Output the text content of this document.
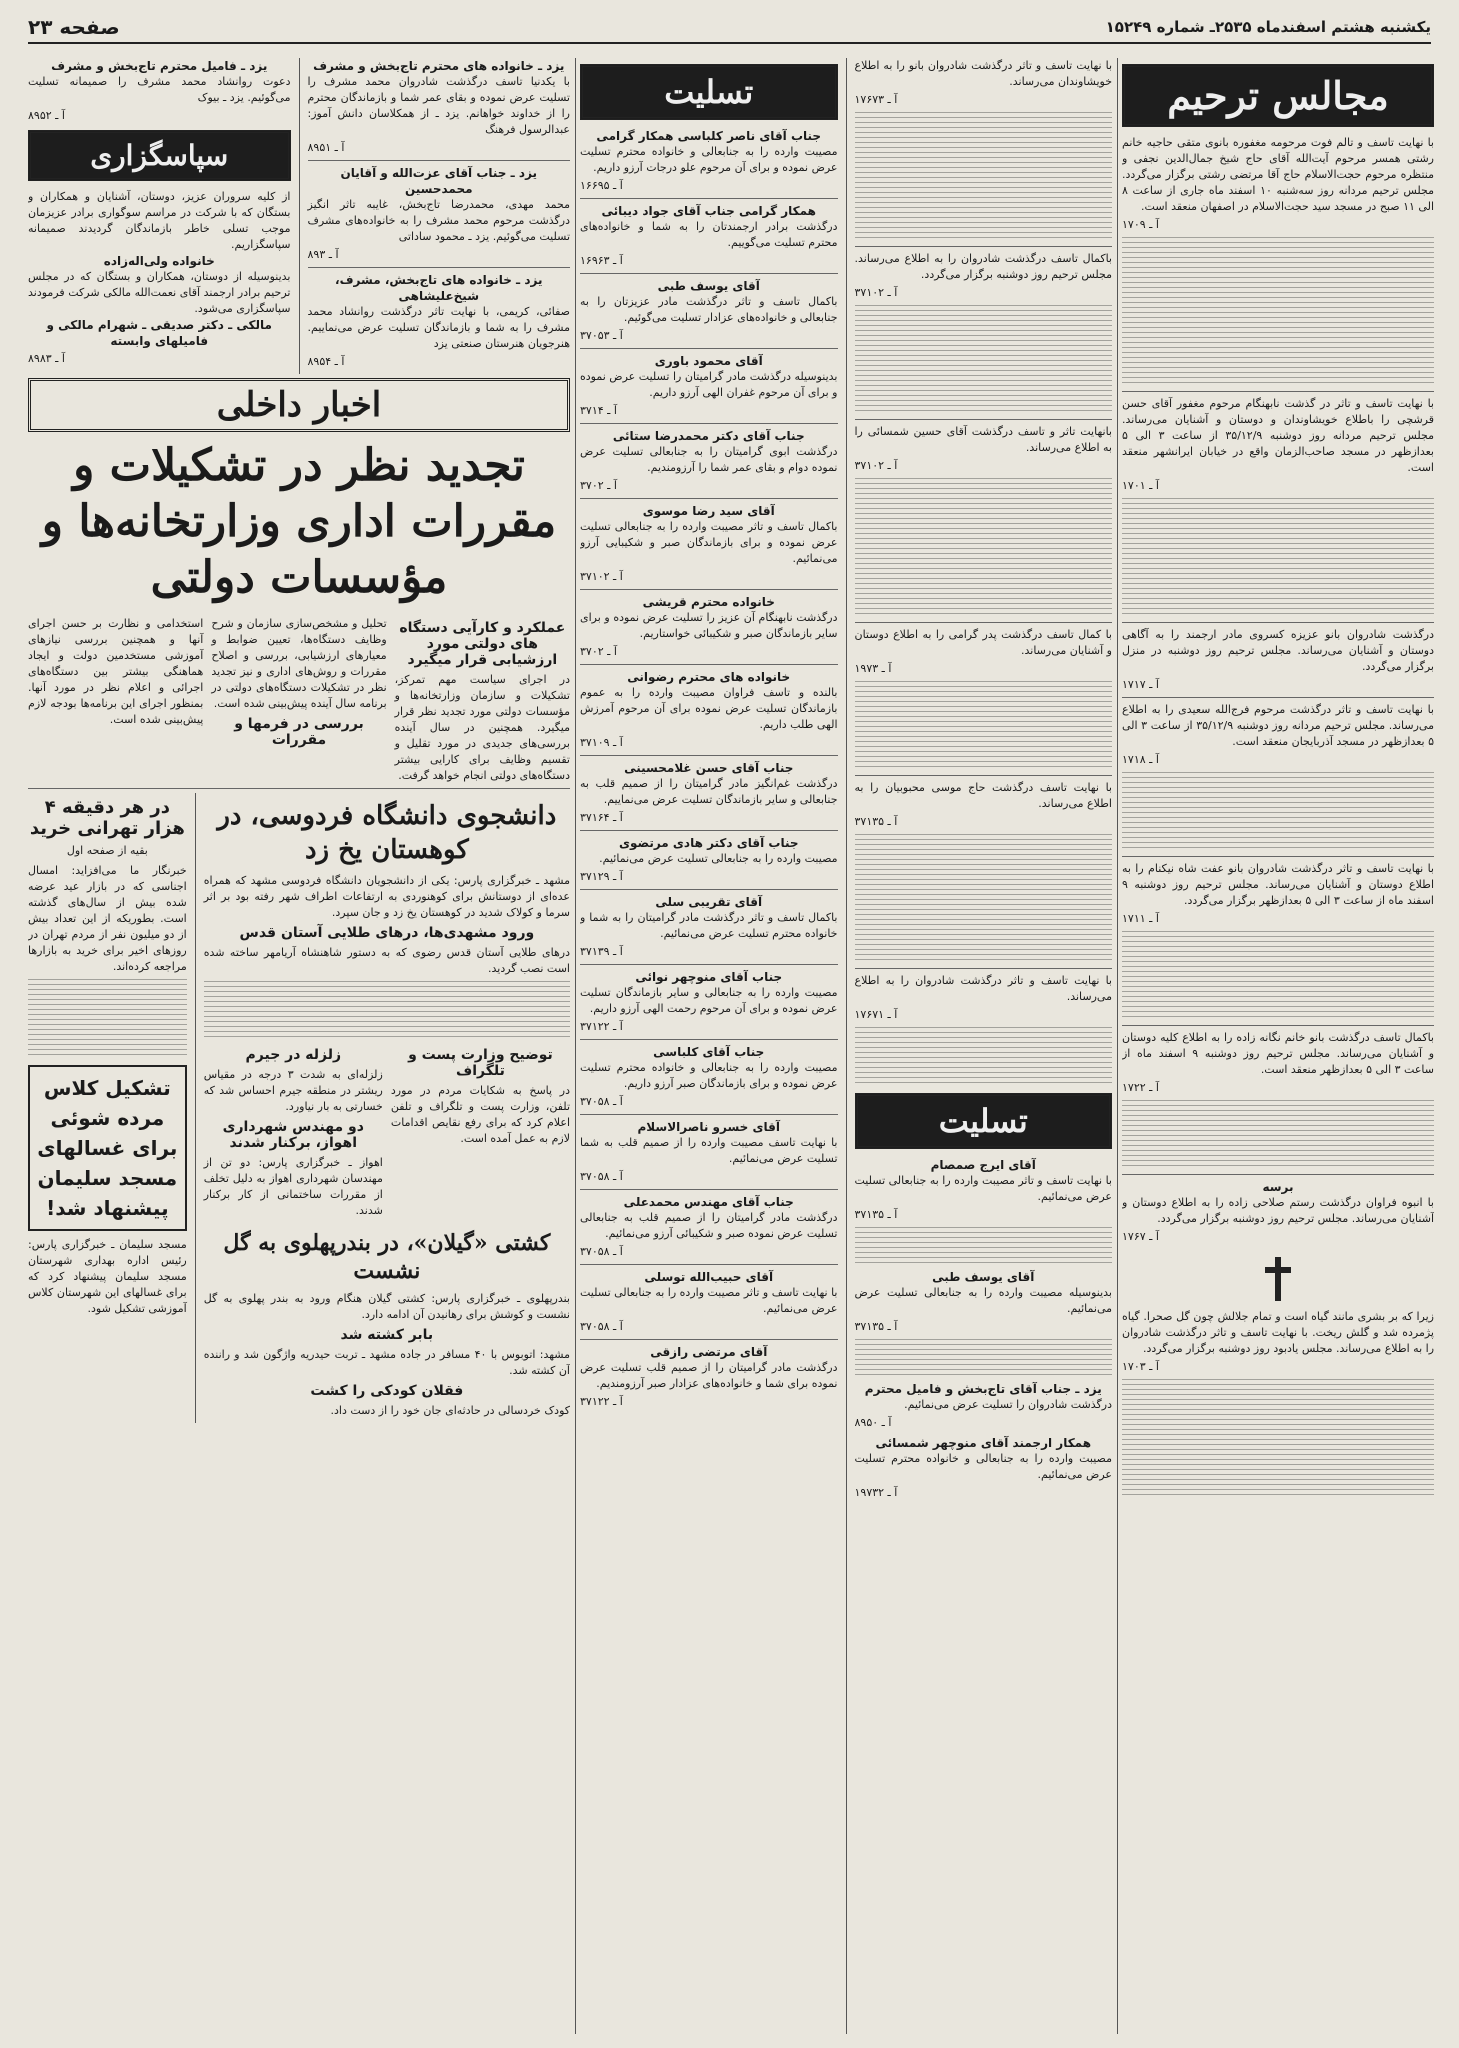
یکشنبه هشتم اسفندماه ۲۵۳۵ـ شماره ۱۵۲۴۹
صفحه ۲۳
مجالس ترحیم
با نهایت تاسف و تالم فوت مرحومه مغفوره بانوی متقی حاجیه خانم رشتی همسر مرحوم آیت‌الله آقای حاج شیخ جمال‌الدین نجفی و منتظره مرحوم حجت‌الاسلام حاج آقا مرتضی رشتی برگزار می‌گردد. مجلس ترحیم مردانه روز سه‌شنبه ۱۰ اسفند ماه جاری از ساعت ۸ الی ۱۱ صبح در مسجد سید حجت‌الاسلام در اصفهان منعقد است.
آ ـ ۱۷۰۹
با نهایت تاسف و تاثر در گذشت نابهنگام مرحوم مغفور آقای حسن قرشچی را باطلاع خویشاوندان و دوستان و آشنایان می‌رساند. مجلس ترحیم مردانه روز دوشنبه ۳۵/۱۲/۹ از ساعت ۳ الی ۵ بعدازظهر در مسجد صاحب‌الزمان واقع در خیابان ایرانشهر منعقد است.
آ ـ ۱۷۰۱
درگذشت شادروان بانو عزیزه کسروی مادر ارجمند را به آگاهی دوستان و آشنایان می‌رساند. مجلس ترحیم روز دوشنبه در منزل برگزار می‌گردد.
آ ـ ۱۷۱۷
با نهایت تاسف و تاثر درگذشت مرحوم فرج‌الله سعیدی را به اطلاع می‌رساند. مجلس ترحیم مردانه روز دوشنبه ۳۵/۱۲/۹ از ساعت ۳ الی ۵ بعدازظهر در مسجد آذربایجان منعقد است.
آ ـ ۱۷۱۸
با نهایت تاسف و تاثر درگذشت شادروان بانو عفت شاه نیکنام را به اطلاع دوستان و آشنایان می‌رساند. مجلس ترحیم روز دوشنبه ۹ اسفند ماه از ساعت ۳ الی ۵ بعدازظهر برگزار می‌گردد.
آ ـ ۱۷۱۱
باکمال تاسف درگذشت بانو خانم نگانه زاده را به اطلاع کلیه دوستان و آشنایان می‌رساند. مجلس ترحیم روز دوشنبه ۹ اسفند ماه از ساعت ۳ الی ۵ بعدازظهر منعقد است.
آ ـ ۱۷۲۲
برسه
با انبوه فراوان درگذشت رستم صلاحی زاده را به اطلاع دوستان و آشنایان می‌رساند. مجلس ترحیم روز دوشنبه برگزار می‌گردد.
آ ـ ۱۷۶۷
زیرا که بر بشری مانند گیاه است و تمام جلالش چون گل صحرا. گیاه پژمرده شد و گلش ریخت. با نهایت تاسف و تاثر درگذشت شادروان را به اطلاع می‌رساند. مجلس یادبود روز دوشنبه برگزار می‌گردد.
آ ـ ۱۷۰۳
با نهایت تاسف و تاثر درگذشت شادروان بانو را به اطلاع خویشاوندان می‌رساند.
آ ـ ۱۷۶۷۳
باکمال تاسف درگذشت شادروان را به اطلاع می‌رساند. مجلس ترحیم روز دوشنبه برگزار می‌گردد.
آ ـ ۳۷۱۰۲
بانهایت تاثر و تاسف درگذشت آقای حسین شمسائی را به اطلاع می‌رساند.
آ ـ ۳۷۱۰۲
با کمال تاسف درگذشت پدر گرامی را به اطلاع دوستان و آشنایان می‌رساند.
آ ـ ۱۹۷۳
با نهایت تاسف درگذشت حاج موسی محبوبیان را به اطلاع می‌رساند.
آ ـ ۳۷۱۳۵
با نهایت تاسف و تاثر درگذشت شادروان را به اطلاع می‌رساند.
آ ـ ۱۷۶۷۱
تسلیت
آقای ایرج صمصام
با نهایت تاسف و تاثر مصیبت وارده را به جنابعالی تسلیت عرض می‌نمائیم.
آ ـ ۳۷۱۳۵
آقای یوسف طبی
بدینوسیله مصیبت وارده را به جنابعالی تسلیت عرض می‌نمائیم.
آ ـ ۳۷۱۳۵
یزد ـ جناب آقای تاج‌بخش و فامیل محترم
درگذشت شادروان را تسلیت عرض می‌نمائیم.
آ ـ ۸۹۵۰
همکار ارجمند آقای منوچهر شمسائی
مصیبت وارده را به جنابعالی و خانواده محترم تسلیت عرض می‌نمائیم.
آ ـ ۱۹۷۳۲
تسلیت
جناب آقای ناصر کلباسی همکار گرامی
مصیبت وارده را به جنابعالی و خانواده محترم تسلیت عرض نموده و برای آن مرحوم علو درجات آرزو داریم.
آ ـ ۱۶۶۹۵
همکار گرامی جناب آقای جواد دیبائی
درگذشت برادر ارجمندتان را به شما و خانواده‌های محترم تسلیت می‌گوییم.
آ ـ ۱۶۹۶۳
آقای یوسف طبی
باکمال تاسف و تاثر درگذشت مادر عزیزتان را به جنابعالی و خانواده‌های عزادار تسلیت می‌گوئیم.
آ ـ ۳۷۰۵۳
آقای محمود باوری
بدینوسیله درگذشت مادر گرامیتان را تسلیت عرض نموده و برای آن مرحوم غفران الهی آرزو داریم.
آ ـ ۳۷۱۴
جناب آقای دکتر محمدرضا ستائی
درگذشت ابوی گرامیتان را به جنابعالی تسلیت عرض نموده دوام و بقای عمر شما را آرزومندیم.
آ ـ ۳۷۰۲
آقای سید رضا موسوی
باکمال تاسف و تاثر مصیبت وارده را به جنابعالی تسلیت عرض نموده و برای بازماندگان صبر و شکیبایی آرزو می‌نمائیم.
آ ـ ۳۷۱۰۲
خانواده محترم قریشی
درگذشت نابهنگام آن عزیز را تسلیت عرض نموده و برای سایر بازماندگان صبر و شکیبائی خواستاریم.
آ ـ ۳۷۰۲
خانواده های محترم رضوانی
بالنده و تاسف فراوان مصیبت وارده را به عموم بازماندگان تسلیت عرض نموده برای آن مرحوم آمرزش الهی طلب داریم.
آ ـ ۳۷۱۰۹
جناب آقای حسن غلامحسینی
درگذشت غم‌انگیز مادر گرامیتان را از صمیم قلب به جنابعالی و سایر بازماندگان تسلیت عرض می‌نماییم.
آ ـ ۳۷۱۶۴
جناب آقای دکتر هادی مرتضوی
مصیبت وارده را به جنابعالی تسلیت عرض می‌نمائیم.
آ ـ ۳۷۱۲۹
آقای تقریبی سلی
باکمال تاسف و تاثر درگذشت مادر گرامیتان را به شما و خانواده محترم تسلیت عرض می‌نمائیم.
آ ـ ۳۷۱۳۹
جناب آقای منوچهر نوائی
مصیبت وارده را به جنابعالی و سایر بازماندگان تسلیت عرض نموده و برای آن مرحوم رحمت الهی آرزو داریم.
آ ـ ۳۷۱۲۲
جناب آقای کلباسی
مصیبت وارده را به جنابعالی و خانواده محترم تسلیت عرض نموده و برای بازماندگان صبر آرزو داریم.
آ ـ ۳۷۰۵۸
آقای خسرو ناصرالاسلام
با نهایت تاسف مصیبت وارده را از صمیم قلب به شما تسلیت عرض می‌نمائیم.
آ ـ ۳۷۰۵۸
جناب آقای مهندس محمدعلی
درگذشت مادر گرامیتان را از صمیم قلب به جنابعالی تسلیت عرض نموده صبر و شکیبائی آرزو می‌نمائیم.
آ ـ ۳۷۰۵۸
آقای حبیب‌الله توسلی
با نهایت تاسف و تاثر مصیبت وارده را به جنابعالی تسلیت عرض می‌نمائیم.
آ ـ ۳۷۰۵۸
آقای مرتضی رازقی
درگذشت مادر گرامیتان را از صمیم قلب تسلیت عرض نموده برای شما و خانواده‌های عزادار صبر آرزومندیم.
آ ـ ۳۷۱۲۲
یزد ـ خانواده های محترم تاج‌بخش و مشرف
با یکدنیا تاسف درگذشت شادروان محمد مشرف را تسلیت عرض نموده و بقای عمر شما و بازماندگان محترم را از خداوند خواهانم. یزد ـ از همکلاسان دانش آموز: عبدالرسول فرهنگ
آ ـ ۸۹۵۱
یزد ـ جناب آقای عزت‌الله و آقایان محمدحسین
محمد مهدی، محمدرضا تاج‌بخش، غایبه تاثر انگیز درگذشت مرحوم محمد مشرف را به خانواده‌های مشرف تسلیت می‌گوئیم. یزد ـ محمود ساداتی
آ ـ ۸۹۳
یزد ـ خانواده های تاج‌بخش، مشرف، شیخ‌علیشاهی
صفائی، کریمی، با نهایت تاثر درگذشت روانشاد محمد مشرف را به شما و بازماندگان تسلیت عرض می‌نماییم. هنرجویان هنرستان صنعتی یزد
آ ـ ۸۹۵۴
یزد ـ فامیل محترم تاج‌بخش و مشرف
دعوت روانشاد محمد مشرف را صمیمانه تسلیت می‌گوئیم. یزد ـ بیوک
آ ـ ۸۹۵۲
سپاسگزاری
از کلیه سروران عزیز، دوستان، آشنایان و همکاران و بستگان که با شرکت در مراسم سوگواری برادر عزیزمان موجب تسلی خاطر بازماندگان گردیدند صمیمانه سپاسگزاریم.
خانواده ولی‌اله‌زاده
بدینوسیله از دوستان، همکاران و بستگان که در مجلس ترحیم برادر ارجمند آقای نعمت‌الله مالکی شرکت فرمودند سپاسگزاری می‌شود.
مالکی ـ دکتر صدیقی ـ شهرام مالکی و فامیلهای وابسته
آ ـ ۸۹۸۳
اخبار داخلی
تجدید نظر در تشکیلات و مقررات اداری وزارتخانه‌ها و مؤسسات دولتی
عملکرد و کارآیی دستگاه های دولتی مورد ارزشیابی قرار میگیرد
در اجرای سیاست مهم تمرکز، تشکیلات و سازمان وزارتخانه‌ها و مؤسسات دولتی مورد تجدید نظر قرار میگیرد. همچنین در سال آینده بررسی‌های جدیدی در مورد تقلیل و تقسیم وظایف برای کارایی بیشتر دستگاه‌های دولتی انجام خواهد گرفت.
تحلیل و مشخص‌سازی سازمان و شرح وظایف دستگاه‌ها، تعیین ضوابط و معیارهای ارزشیابی، بررسی و اصلاح مقررات و روش‌های اداری و نیز تجدید نظر در تشکیلات دستگاه‌های دولتی در برنامه سال آینده پیش‌بینی شده است.
بررسی در فرمها و مقررات
استخدامی و نظارت بر حسن اجرای آنها و همچنین بررسی نیازهای آموزشی مستخدمین دولت و ایجاد هماهنگی بیشتر بین دستگاه‌های اجرائی و اعلام نظر در مورد آنها. بمنظور اجرای این برنامه‌ها بودجه لازم پیش‌بینی شده است.
دانشجوی دانشگاه فردوسی، در کوهستان یخ زد
مشهد ـ خبرگزاری پارس: یکی از دانشجویان دانشگاه فردوسی مشهد که همراه عده‌ای از دوستانش برای کوهنوردی به ارتفاعات اطراف شهر رفته بود بر اثر سرما و کولاک شدید در کوهستان یخ زد و جان سپرد.
ورود مشهدی‌ها، درهای طلایی آستان قدس
درهای طلایی آستان قدس رضوی که به دستور شاهنشاه آریامهر ساخته شده است نصب گردید.
توضیح وزارت پست و تلگراف
در پاسخ به شکایات مردم در مورد تلفن، وزارت پست و تلگراف و تلفن اعلام کرد که برای رفع نقایص اقدامات لازم به عمل آمده است.
زلزله در جیرم
زلزله‌ای به شدت ۳ درجه در مقیاس ریشتر در منطقه جیرم احساس شد که خسارتی به بار نیاورد.
دو مهندس شهرداری اهواز، برکنار شدند
اهواز ـ خبرگزاری پارس: دو تن از مهندسان شهرداری اهواز به دلیل تخلف از مقررات ساختمانی از کار برکنار شدند.
کشتی «گیلان»، در بندرپهلوی به گل نشست
بندرپهلوی ـ خبرگزاری پارس: کشتی گیلان هنگام ورود به بندر پهلوی به گل نشست و کوشش برای رهانیدن آن ادامه دارد.
بابر کشته شد
مشهد: اتوبوس با ۴۰ مسافر در جاده مشهد ـ تربت حیدریه واژگون شد و راننده آن کشته شد.
فقلان کودکی را کشت
کودک خردسالی در حادثه‌ای جان خود را از دست داد.
در هر دقیقه ۴ هزار تهرانی خرید
بقیه از صفحه اول
خبرنگار ما می‌افزاید: امسال اجناسی که در بازار عید عرضه شده بیش از سال‌های گذشته است. بطوریکه از این تعداد بیش از دو میلیون نفر از مردم تهران در روزهای اخیر برای خرید به بازارها مراجعه کرده‌اند.
تشکیل کلاس مرده شوئی برای غسالهای مسجد سلیمان پیشنهاد شد!
مسجد سلیمان ـ خبرگزاری پارس: رئیس اداره بهداری شهرستان مسجد سلیمان پیشنهاد کرد که برای غسالهای این شهرستان کلاس آموزشی تشکیل شود.
